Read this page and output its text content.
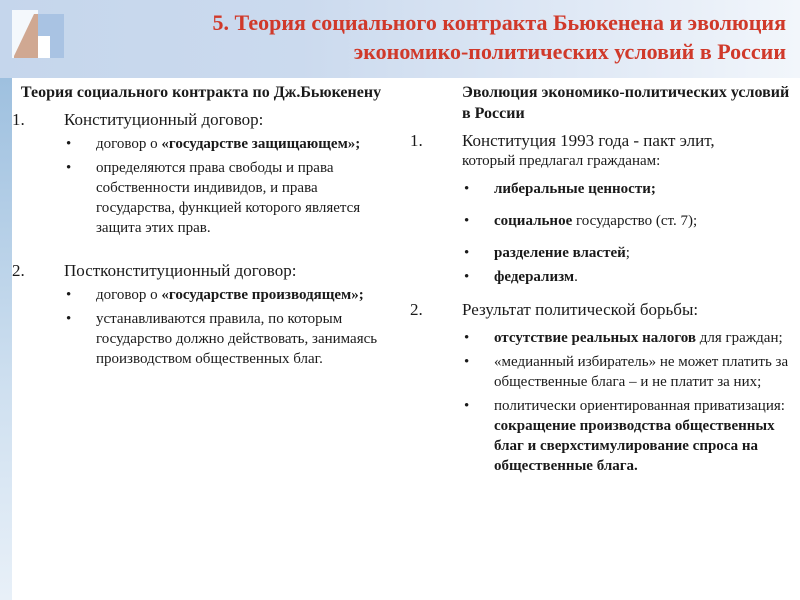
5. Теория социального контракта Бьюкенена и эволюция
экономико-политических условий в России
Теория социального контракта по Дж.Бьюкенену
1. Конституционный договор:
• договор о «государстве защищающем»;
• определяются права свободы и права собственности индивидов, и права государства, функцией которого является защита этих прав.
2. Постконституционный договор:
• договор о «государстве производящем»;
• устанавливаются правила, по которым государство должно действовать, занимаясь производством общественных благ.
Эволюция экономико-политических условий в России
1. Конституция 1993 года - пакт элит,
который предлагал гражданам:
• либеральные ценности;
• социальное государство (ст. 7);
• разделение властей;
• федерализм.
2. Результат политической борьбы:
• отсутствие реальных налогов для граждан;
• «медианный избиратель» не может платить за общественные блага – и не платит за них;
• политически ориентированная приватизация: сокращение производства общественных благ и сверхстимулирование спроса на общественные блага.
